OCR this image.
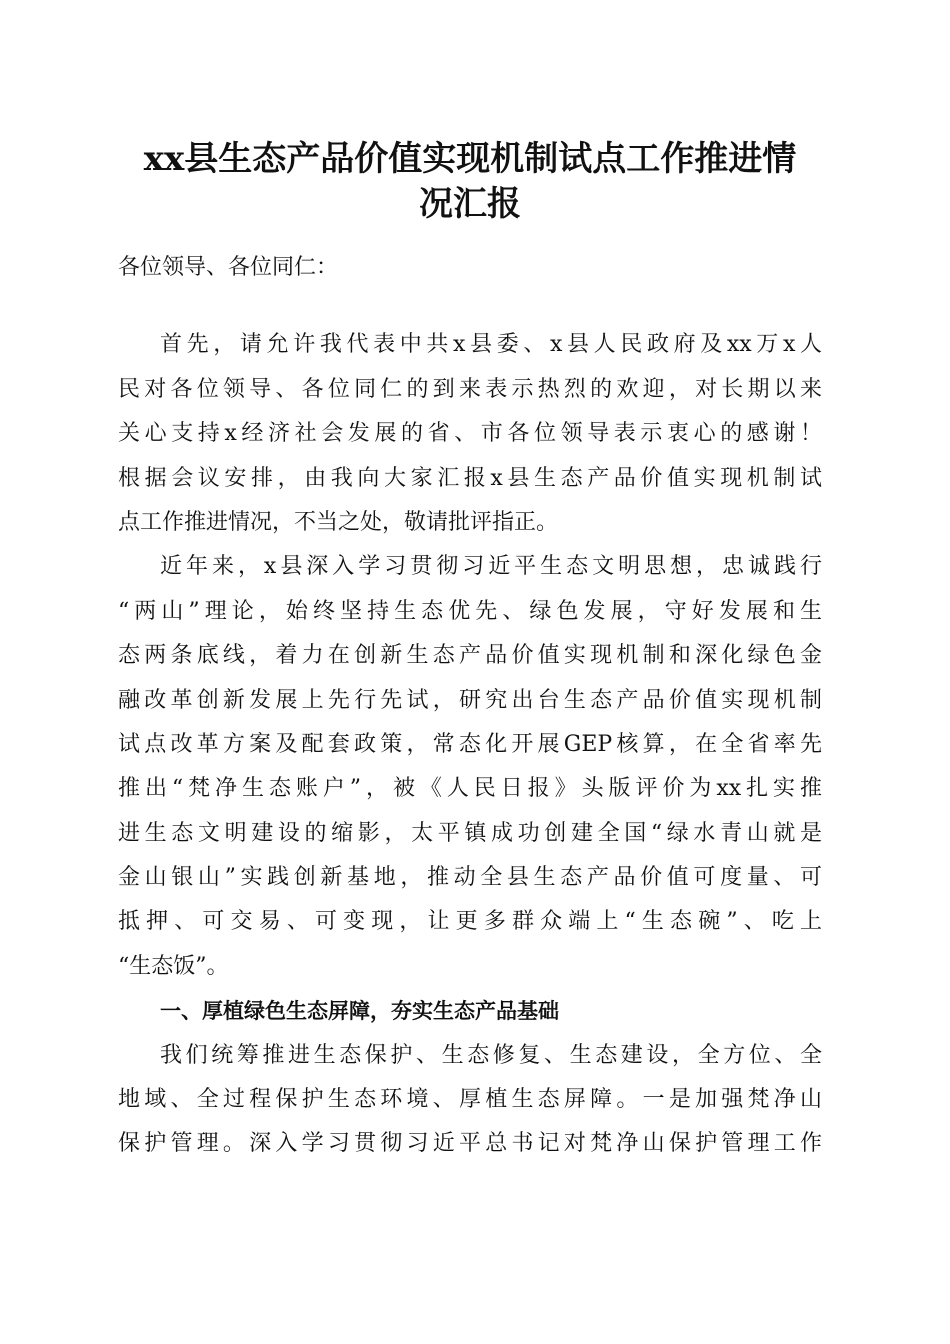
xx县生态产品价值实现机制试点工作推进情
况汇报
各位领导、各位同仁：
首先，请允许我代表中共x县委、x县人民政府及xx万x人
民对各位领导、各位同仁的到来表示热烈的欢迎，对长期以来
关心支持x经济社会发展的省、市各位领导表示衷心的感谢！
根据会议安排，由我向大家汇报x县生态产品价值实现机制试
点工作推进情况，不当之处，敬请批评指正。
近年来，x县深入学习贯彻习近平生态文明思想，忠诚践行
“两山”理论，始终坚持生态优先、绿色发展，守好发展和生
态两条底线，着力在创新生态产品价值实现机制和深化绿色金
融改革创新发展上先行先试，研究出台生态产品价值实现机制
试点改革方案及配套政策，常态化开展GEP核算，在全省率先
推出“梵净生态账户”，被《人民日报》头版评价为xx扎实推
进生态文明建设的缩影，太平镇成功创建全国“绿水青山就是
金山银山”实践创新基地，推动全县生态产品价值可度量、可
抵押、可交易、可变现，让更多群众端上“生态碗”、吃上
“生态饭”。
一、厚植绿色生态屏障，夯实生态产品基础
我们统筹推进生态保护、生态修复、生态建设，全方位、全
地域、全过程保护生态环境、厚植生态屏障。一是加强梵净山
保护管理。深入学习贯彻习近平总书记对梵净山保护管理工作
